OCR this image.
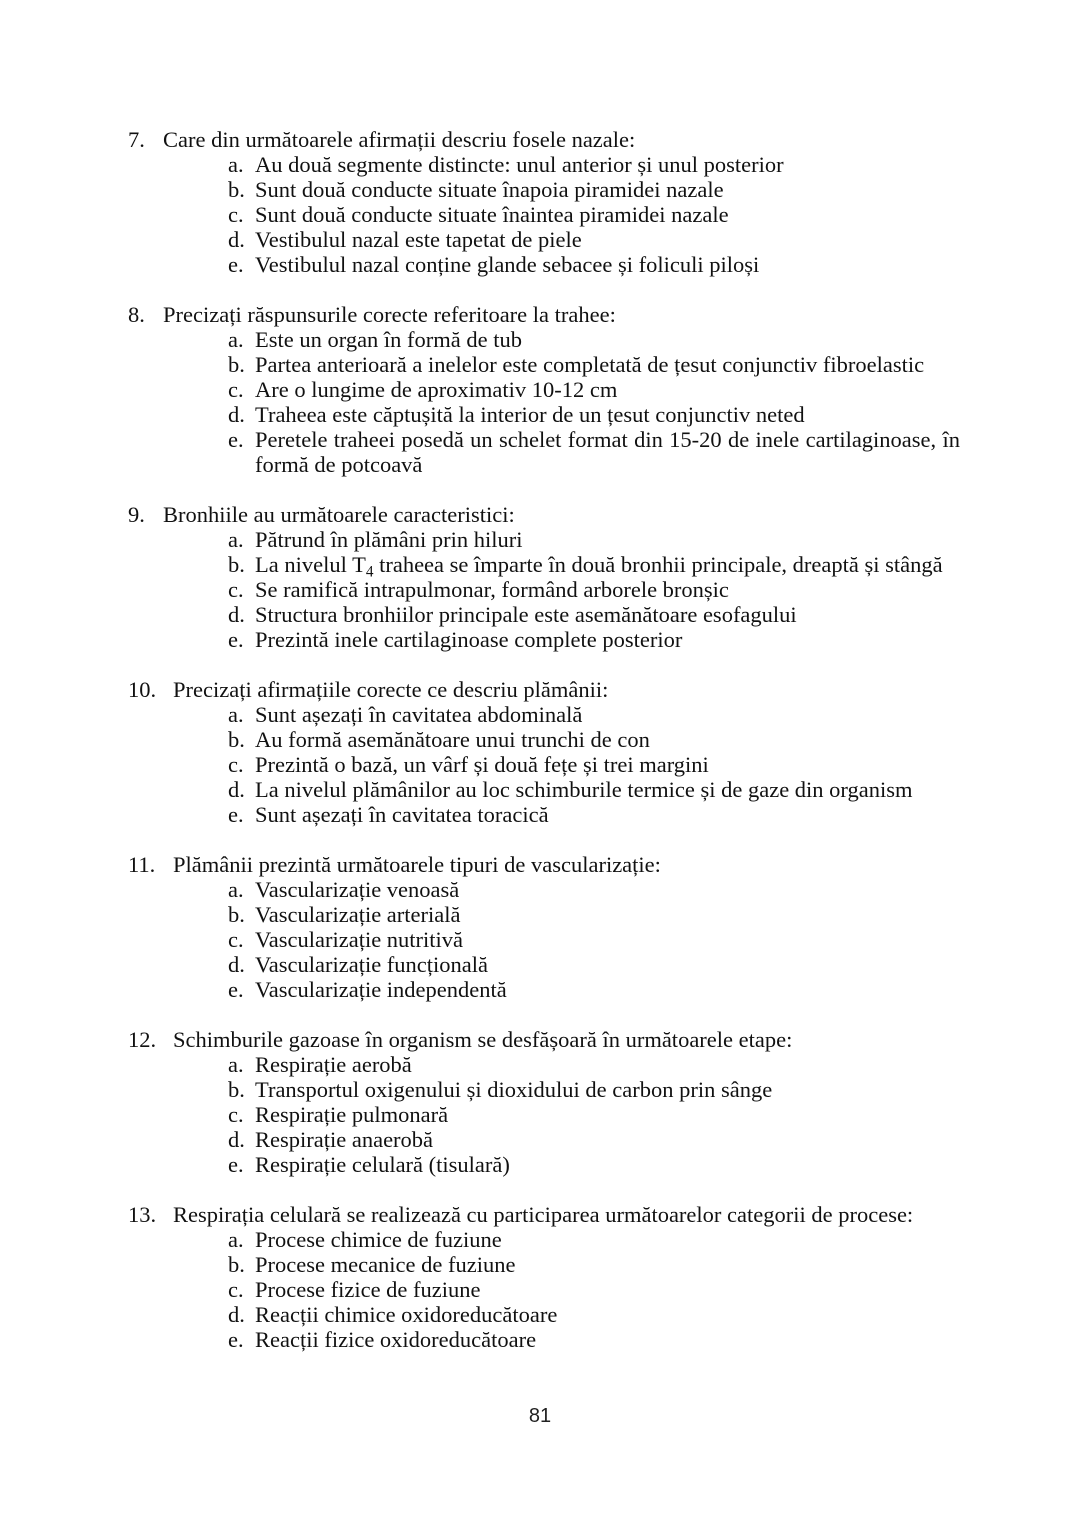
7. Care din următoarele afirmații descriu fosele nazale:
a. Au două segmente distincte: unul anterior și unul posterior
b. Sunt două conducte situate înapoia piramidei nazale
c. Sunt două conducte situate înaintea piramidei nazale
d. Vestibulul nazal este tapetat de piele
e. Vestibulul nazal conține glande sebacee și foliculi piloși
8. Precizați răspunsurile corecte referitoare la trahee:
a. Este un organ în formă de tub
b. Partea anterioară a inelelor este completată de țesut conjunctiv fibroelastic
c. Are o lungime de aproximativ 10-12 cm
d. Traheea este căptușită la interior de un țesut conjunctiv neted
e. Peretele traheei posedă un schelet format din 15-20 de inele cartilaginoase, în formă de potcoavă
9. Bronhiile au următoarele caracteristici:
a. Pătrund în plămâni prin hiluri
b. La nivelul $T_4$ traheea se împarte în două bronhii principale, dreaptă și stângă
c. Se ramifică intrapulmonar, formând arborele bronșic
d. Structura bronhiilor principale este asemănătoare esofagului
e. Prezintă inele cartilaginoase complete posterior
10. Precizați afirmațiile corecte ce descriu plămânii:
a. Sunt așezați în cavitatea abdominală
b. Au formă asemănătoare unui trunchi de con
c. Prezintă o bază, un vârf și două fețe și trei margini
d. La nivelul plămânilor au loc schimburile termice și de gaze din organism
e. Sunt așezați în cavitatea toracică
11. Plămânii prezintă următoarele tipuri de vascularizație:
a. Vascularizație venoasă
b. Vascularizație arterială
c. Vascularizație nutritivă
d. Vascularizație funcțională
e. Vascularizație independentă
12. Schimburile gazoase în organism se desfășoară în următoarele etape:
a. Respirație aerobă
b. Transportul oxigenului și dioxidului de carbon prin sânge
c. Respirație pulmonară
d. Respirație anaerobă
e. Respirație celulară (tisulară)
13. Respirația celulară se realizează cu participarea următoarelor categorii de procese:
a. Procese chimice de fuziune
b. Procese mecanice de fuziune
c. Procese fizice de fuziune
d. Reacții chimice oxidoreducătoare
e. Reacții fizice oxidoreducătoare
81
